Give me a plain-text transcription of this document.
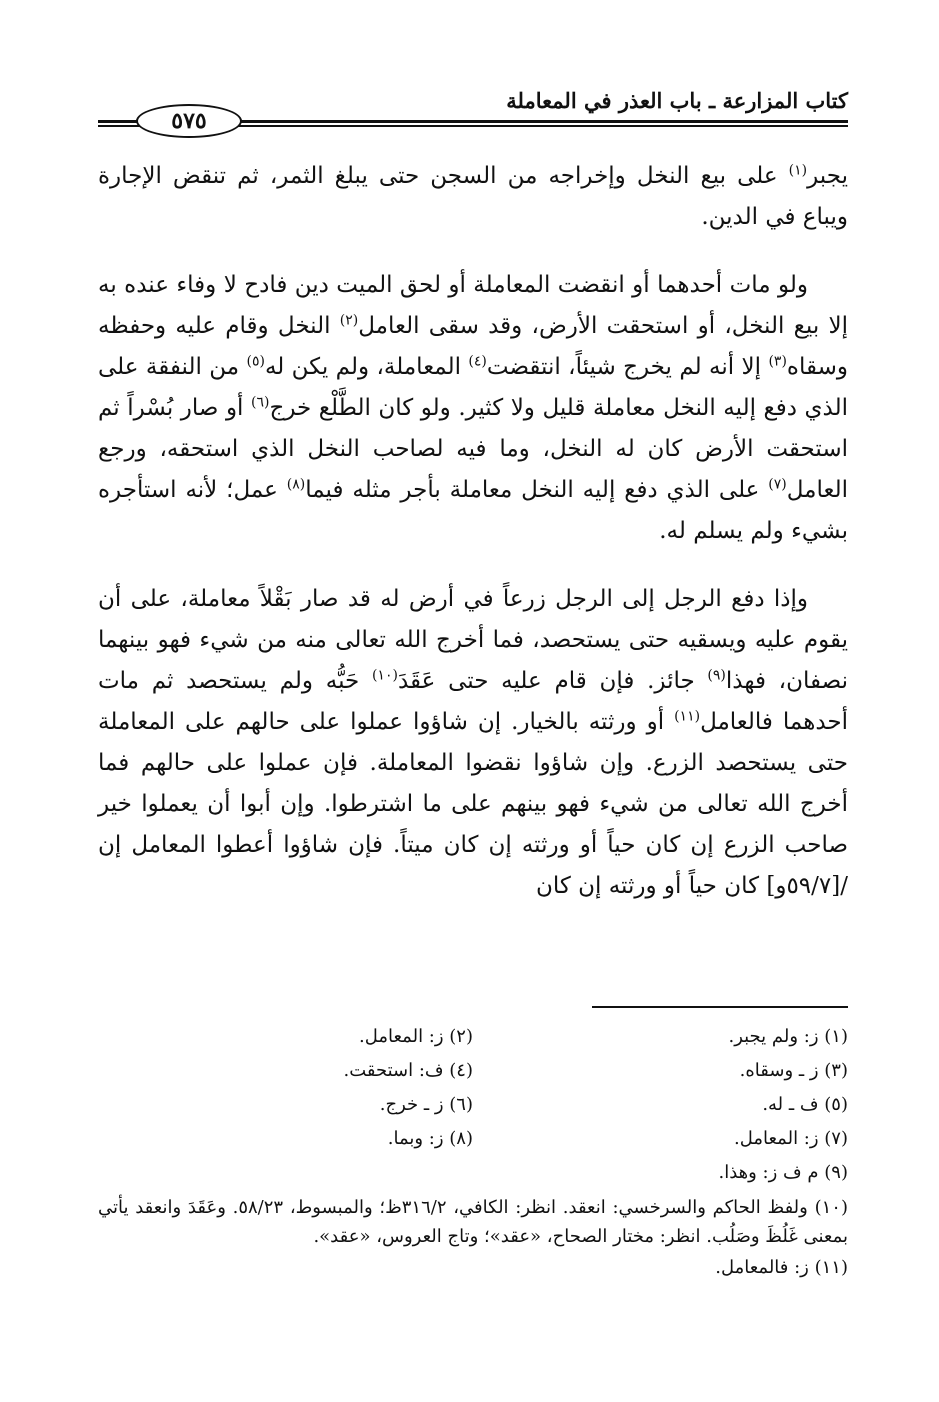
كتاب المزارعة ـ باب العذر في المعاملة
٥٧٥

يجبر$^{(١)}$ على بيع النخل وإخراجه من السجن حتى يبلغ الثمر، ثم تنقض الإجارة ويباع في الدين.

ولو مات أحدهما أو انقضت المعاملة أو لحق الميت دين فادح لا وفاء عنده به إلا بيع النخل، أو استحقت الأرض، وقد سقى العامل$^{(٢)}$ النخل وقام عليه وحفظه وسقاه$^{(٣)}$ إلا أنه لم يخرج شيئاً، انتقضت$^{(٤)}$ المعاملة، ولم يكن له$^{(٥)}$ من النفقة على الذي دفع إليه النخل معاملة قليل ولا كثير. ولو كان الطَّلْع خرج$^{(٦)}$ أو صار بُسْراً ثم استحقت الأرض كان له النخل، وما فيه لصاحب النخل الذي استحقه، ورجع العامل$^{(٧)}$ على الذي دفع إليه النخل معاملة بأجر مثله فيما$^{(٨)}$ عمل؛ لأنه استأجره بشيء ولم يسلم له.

وإذا دفع الرجل إلى الرجل زرعاً في أرض له قد صار بَقْلاً معاملة، على أن يقوم عليه ويسقيه حتى يستحصد، فما أخرج الله تعالى منه من شيء فهو بينهما نصفان، فهذا$^{(٩)}$ جائز. فإن قام عليه حتى عَقَدَ$^{(١٠)}$ حَبُّه ولم يستحصد ثم مات أحدهما فالعامل$^{(١١)}$ أو ورثته بالخيار. إن شاؤوا عملوا على حالهم على المعاملة حتى يستحصد الزرع. وإن شاؤوا نقضوا المعاملة. فإن عملوا على حالهم فما أخرج الله تعالى من شيء فهو بينهم على ما اشترطوا. وإن أبوا أن يعملوا خير صاحب الزرع إن كان حياً أو ورثته إن كان ميتاً. فإن شاؤوا أعطوا المعامل إن /[٥٩/٧و] كان حياً أو ورثته إن كان

(١) ز: ولم يجبر.
(٢) ز: المعامل.
(٣) ز ـ وسقاه.
(٤) ف: استحقت.
(٥) ف ـ له.
(٦) ز ـ خرج.
(٧) ز: المعامل.
(٨) ز: وبما.
(٩) م ف ز: وهذا.
(١٠) ولفظ الحاكم والسرخسي: انعقد. انظر: الكافي، ٣١٦/٢ظ؛ والمبسوط، ٥٨/٢٣. وعَقَدَ وانعقد يأتي بمعنى غَلُظَ وصَلُب. انظر: مختار الصحاح، «عقد»؛ وتاج العروس، «عقد».
(١١) ز: فالمعامل.
